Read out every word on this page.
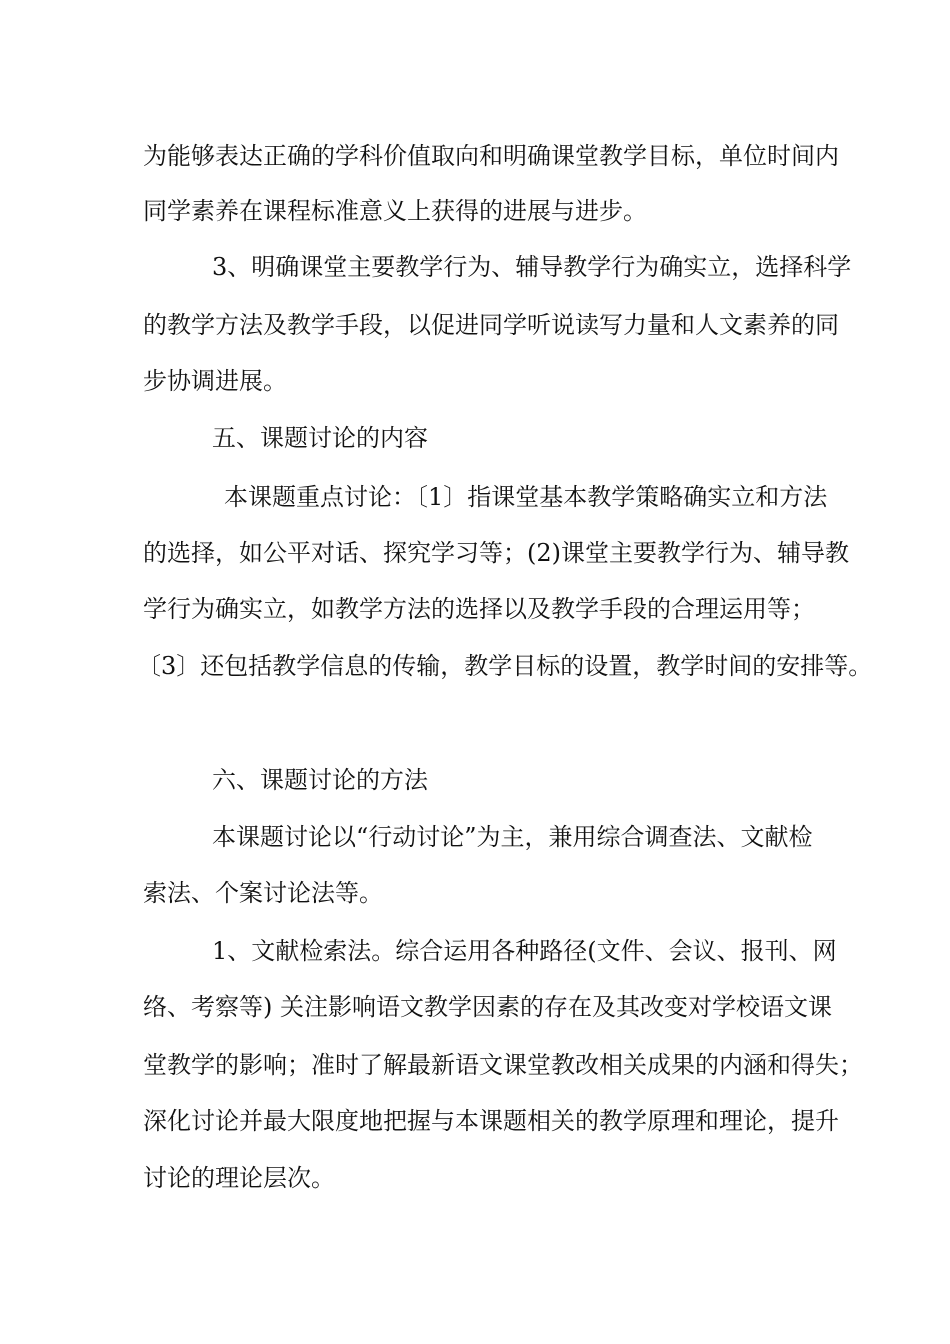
为能够表达正确的学科价值取向和明确课堂教学目标，单位时间内

同学素养在课程标准意义上获得的进展与进步。

3、明确课堂主要教学行为、辅导教学行为确实立，选择科学

的教学方法及教学手段，以促进同学听说读写力量和人文素养的同

步协调进展。

五、课题讨论的内容

本课题重点讨论：〔1〕指课堂基本教学策略确实立和方法

的选择，如公平对话、探究学习等；(2)课堂主要教学行为、辅导教

学行为确实立，如教学方法的选择以及教学手段的合理运用等；

〔3〕还包括教学信息的传输，教学目标的设置，教学时间的安排等。

六、课题讨论的方法

本课题讨论以“行动讨论”为主，兼用综合调查法、文献检

索法、个案讨论法等。

1、文献检索法。综合运用各种路径(文件、会议、报刊、网

络、考察等) 关注影响语文教学因素的存在及其改变对学校语文课

堂教学的影响；准时了解最新语文课堂教改相关成果的内涵和得失；

深化讨论并最大限度地把握与本课题相关的教学原理和理论，提升

讨论的理论层次。
